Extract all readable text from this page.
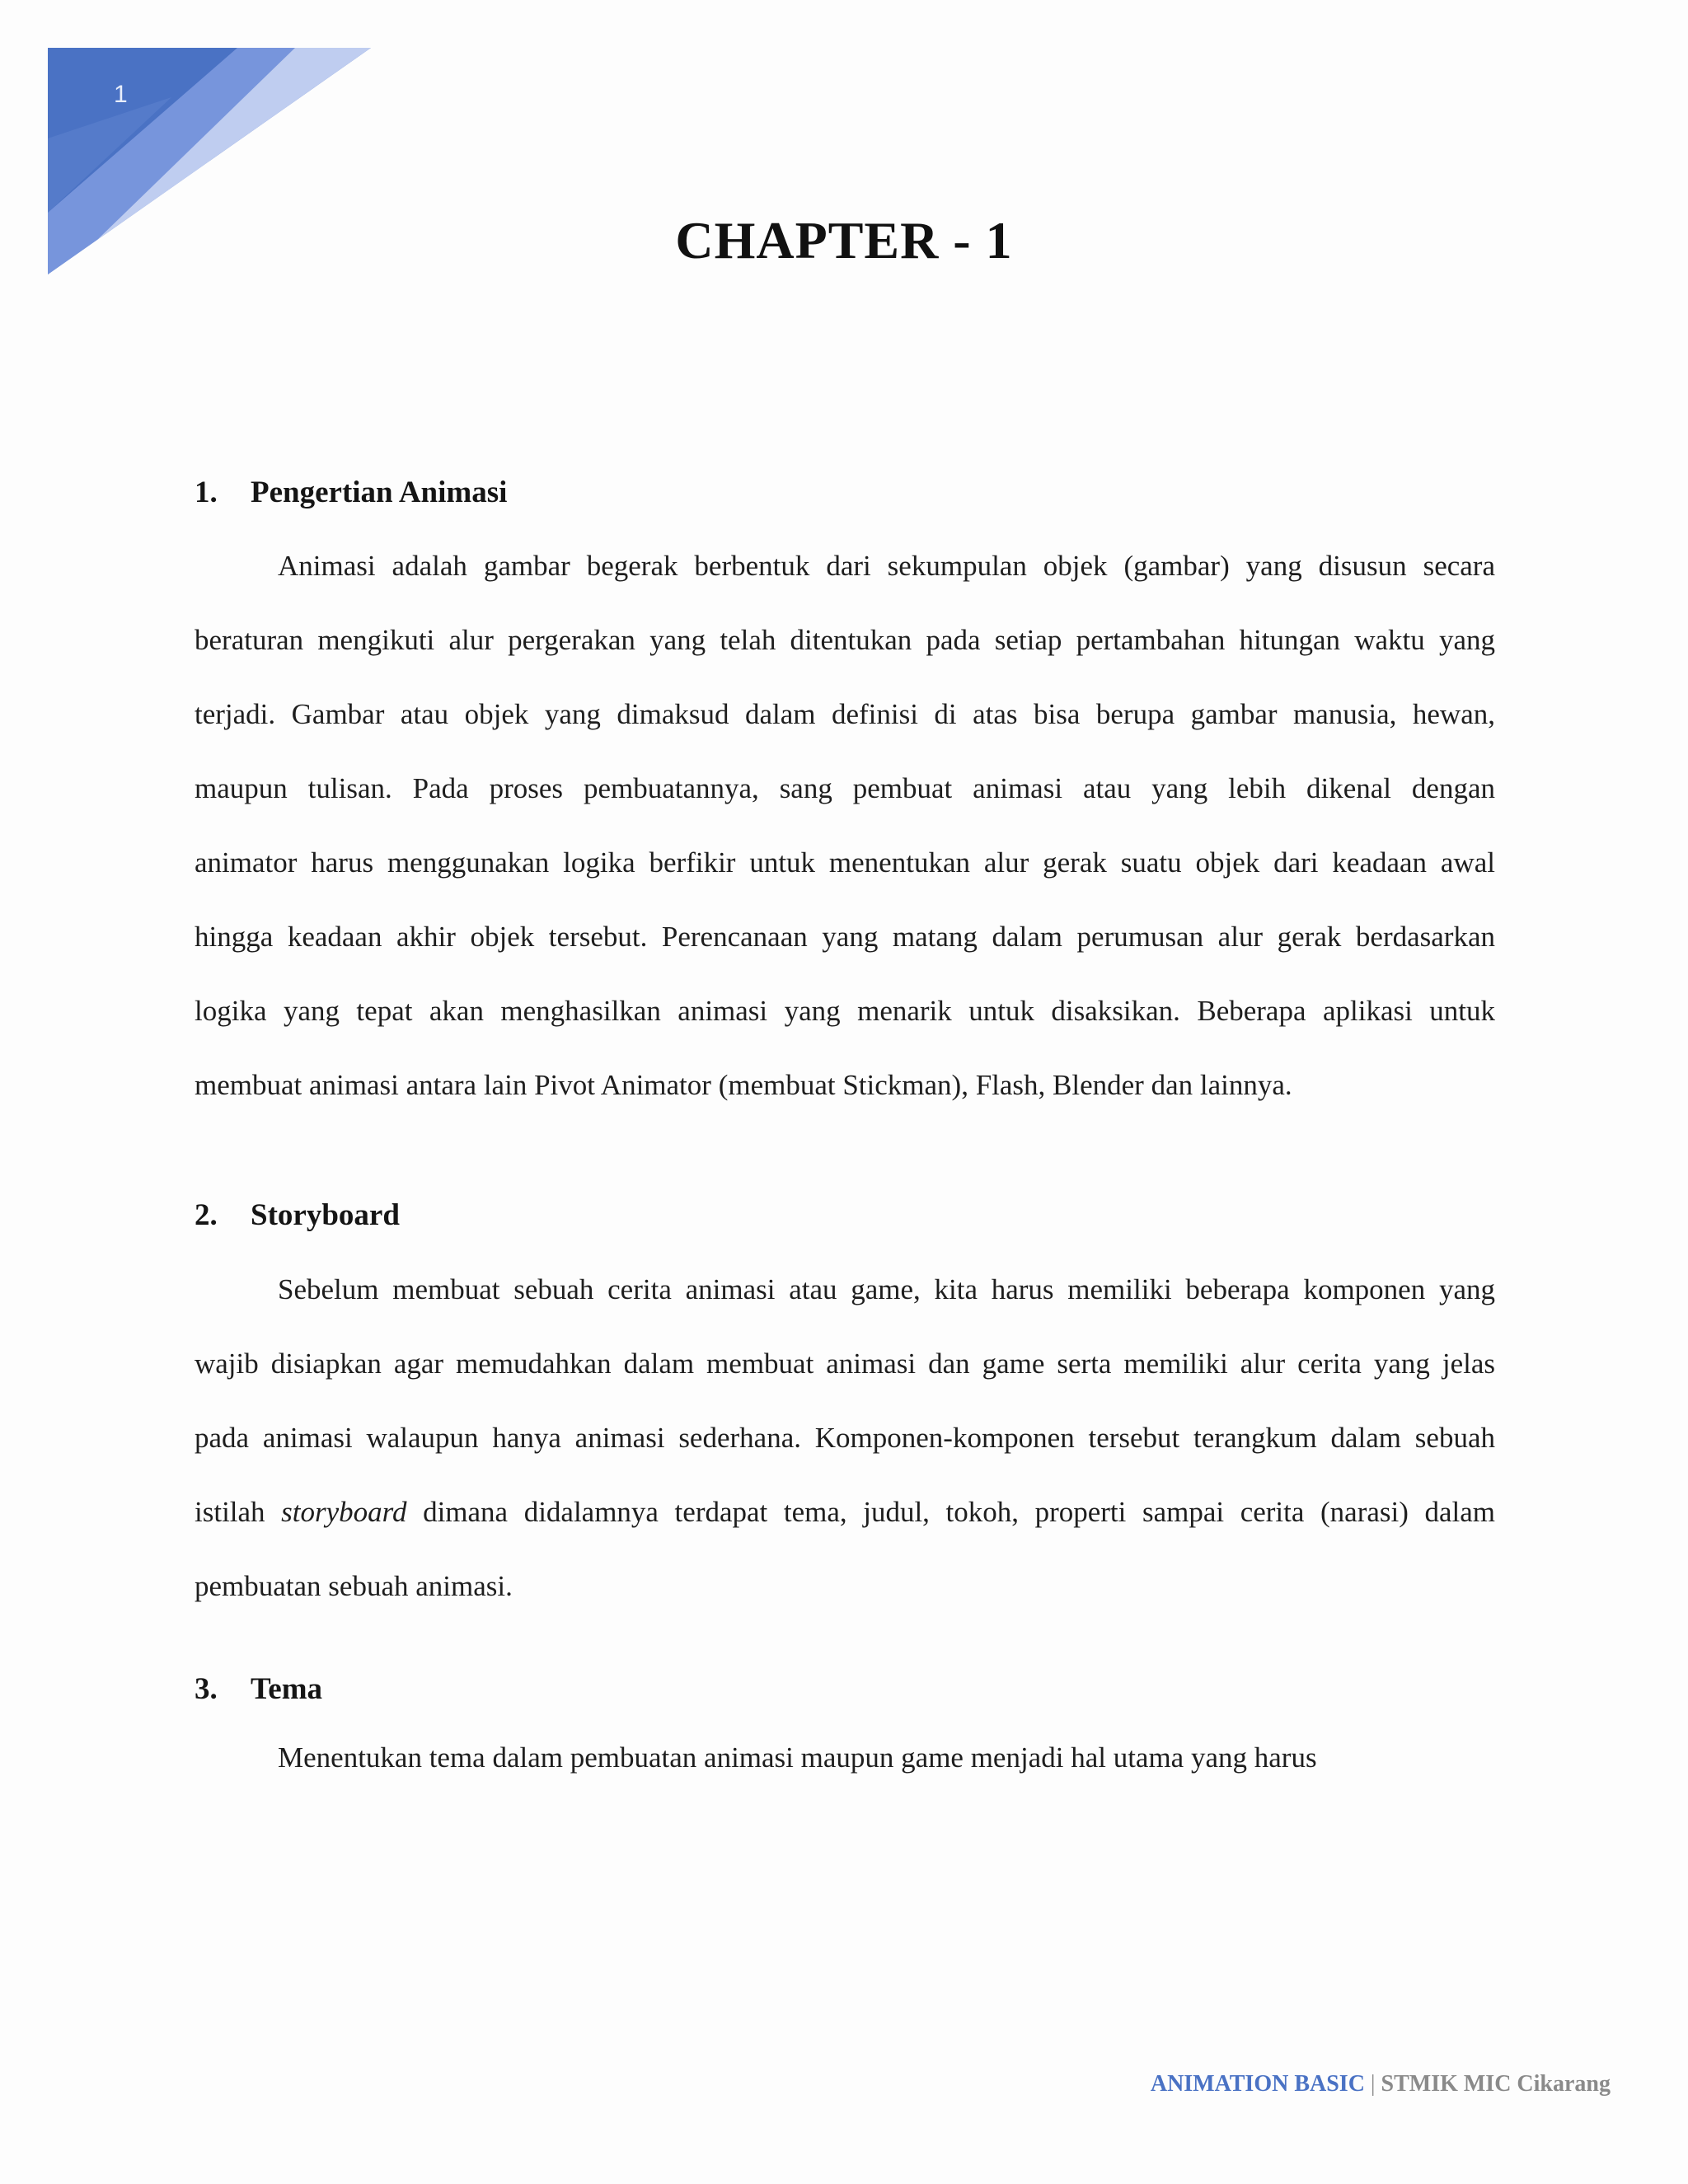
1
CHAPTER - 1
1. Pengertian Animasi
Animasi adalah gambar begerak berbentuk dari sekumpulan objek (gambar) yang disusun secara
beraturan mengikuti alur pergerakan yang telah ditentukan pada setiap pertambahan hitungan waktu yang
terjadi. Gambar atau objek yang dimaksud dalam definisi di atas bisa berupa gambar manusia, hewan,
maupun tulisan. Pada proses pembuatannya, sang pembuat animasi atau yang lebih dikenal dengan
animator harus menggunakan logika berfikir untuk menentukan alur gerak suatu objek dari keadaan awal
hingga keadaan akhir objek tersebut. Perencanaan yang matang dalam perumusan alur gerak berdasarkan
logika yang tepat akan menghasilkan animasi yang menarik untuk disaksikan. Beberapa aplikasi untuk
membuat animasi antara lain Pivot Animator (membuat Stickman), Flash, Blender dan lainnya.
2. Storyboard
Sebelum membuat sebuah cerita animasi atau game, kita harus memiliki beberapa komponen yang
wajib disiapkan agar memudahkan dalam membuat animasi dan game serta memiliki alur cerita yang jelas
pada animasi walaupun hanya animasi sederhana. Komponen-komponen tersebut terangkum dalam sebuah
istilah storyboard dimana didalamnya terdapat tema, judul, tokoh, properti sampai cerita (narasi) dalam
pembuatan sebuah animasi.
3. Tema
Menentukan tema dalam pembuatan animasi maupun game menjadi hal utama yang harus
ANIMATION BASIC | STMIK MIC Cikarang
